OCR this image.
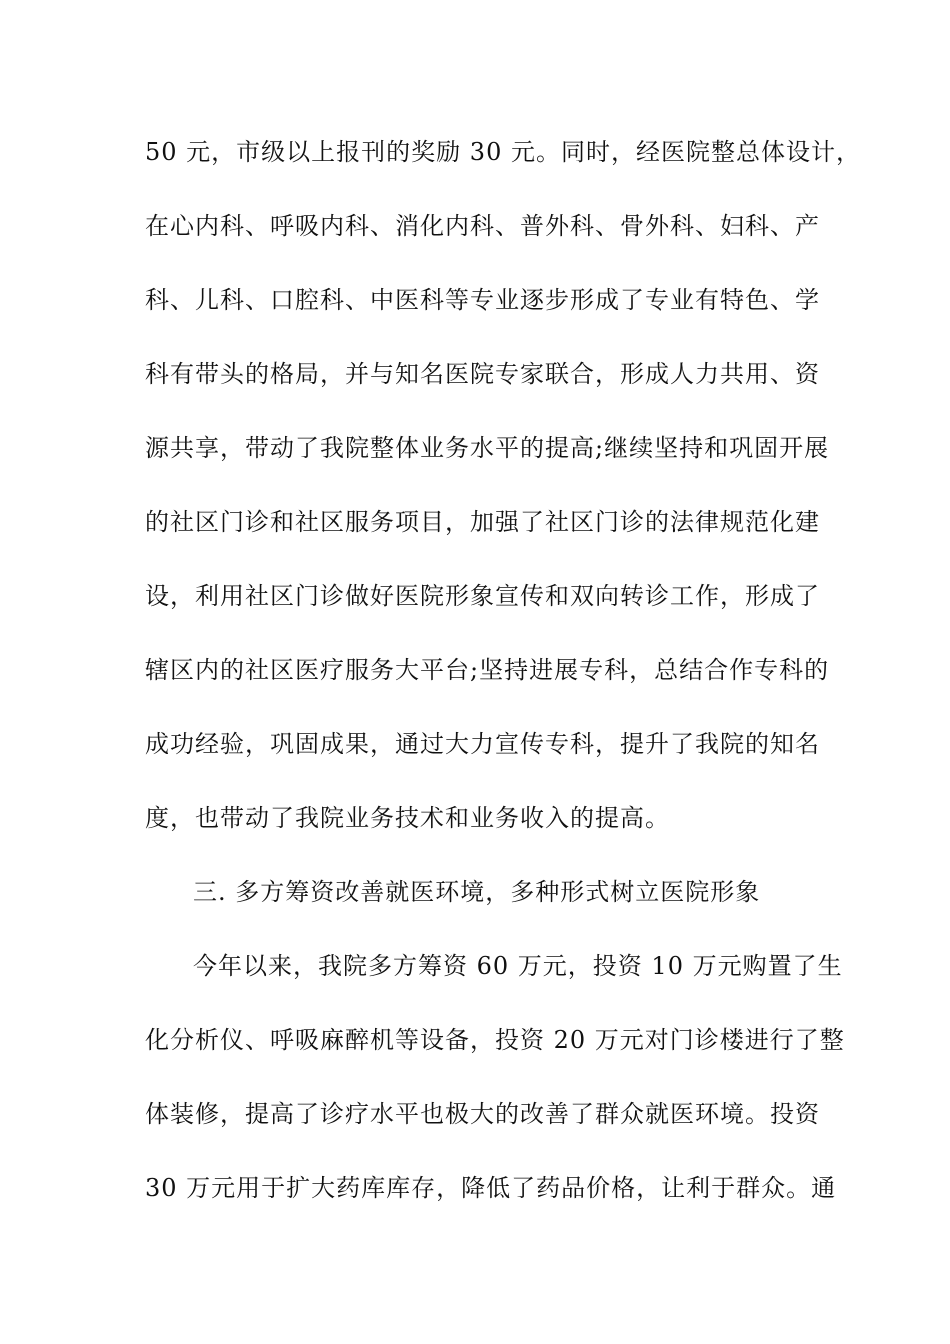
50 元，市级以上报刊的奖励 30 元。同时，经医院整总体设计，
在心内科、呼吸内科、消化内科、普外科、骨外科、妇科、产
科、儿科、口腔科、中医科等专业逐步形成了专业有特色、学
科有带头的格局，并与知名医院专家联合，形成人力共用、资
源共享，带动了我院整体业务水平的提高;继续坚持和巩固开展
的社区门诊和社区服务项目，加强了社区门诊的法律规范化建
设，利用社区门诊做好医院形象宣传和双向转诊工作，形成了
辖区内的社区医疗服务大平台;坚持进展专科，总结合作专科的
成功经验，巩固成果，通过大力宣传专科，提升了我院的知名
度，也带动了我院业务技术和业务收入的提高。
三. 多方筹资改善就医环境，多种形式树立医院形象
今年以来，我院多方筹资 60 万元，投资 10 万元购置了生
化分析仪、呼吸麻醉机等设备，投资 20 万元对门诊楼进行了整
体装修，提高了诊疗水平也极大的改善了群众就医环境。投资
30 万元用于扩大药库库存，降低了药品价格，让利于群众。通
